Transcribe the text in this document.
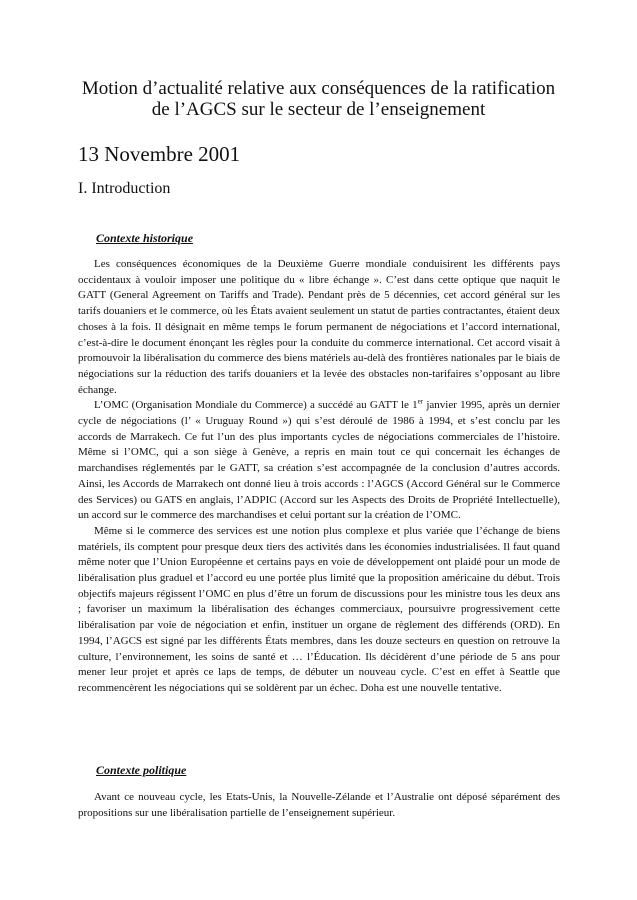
Motion d’actualité relative aux conséquences de la ratification
de l’AGCS sur le secteur de l’enseignement
13 Novembre 2001
I. Introduction
Contexte historique

Les conséquences économiques de la Deuxième Guerre mondiale conduisirent les différents pays occidentaux à vouloir imposer une politique du « libre échange ». C’est dans cette optique que naquit le GATT (General Agreement on Tariffs and Trade). Pendant près de 5 décennies, cet accord général sur les tarifs douaniers et le commerce, où les États avaient seulement un statut de parties contractantes, étaient deux choses à la fois. Il désignait en même temps le forum permanent de négociations et l’accord international, c’est-à-dire le document énonçant les règles pour la conduite du commerce international. Cet accord visait à promouvoir la libéralisation du commerce des biens matériels au-delà des frontières nationales par le biais de négociations sur la réduction des tarifs douaniers et la levée des obstacles non-tarifaires s’opposant au libre échange.

L’OMC (Organisation Mondiale du Commerce) a succédé au GATT le 1er janvier 1995, après un dernier cycle de négociations (l’ « Uruguay Round ») qui s’est déroulé de 1986 à 1994, et s’est conclu par les accords de Marrakech. Ce fut l’un des plus importants cycles de négociations commerciales de l’histoire. Même si l’OMC, qui a son siège à Genève, a repris en main tout ce qui concernait les échanges de marchandises réglementés par le GATT, sa création s’est accompagnée de la conclusion d’autres accords. Ainsi, les Accords de Marrakech ont donné lieu à trois accords : l’AGCS (Accord Général sur le Commerce des Services) ou GATS en anglais, l’ADPIC (Accord sur les Aspects des Droits de Propriété Intellectuelle), un accord sur le commerce des marchandises et celui portant sur la création de l’OMC.

Même si le commerce des services est une notion plus complexe et plus variée que l’échange de biens matériels, ils comptent pour presque deux tiers des activités dans les économies industrialisées. Il faut quand même noter que l’Union Européenne et certains pays en voie de développement ont plaidé pour un mode de libéralisation plus graduel et l’accord eu une portée plus limité que la proposition américaine du début. Trois objectifs majeurs régissent l’OMC en plus d’être un forum de discussions pour les ministre tous les deux ans ; favoriser un maximum la libéralisation des échanges commerciaux, poursuivre progressivement cette libéralisation par voie de négociation et enfin, instituer un organe de règlement des différends (ORD). En 1994, l’AGCS est signé par les différents États membres, dans les douze secteurs en question on retrouve la culture, l’environnement, les soins de santé et … l’Éducation. Ils décidèrent d’une période de 5 ans pour mener leur projet et après ce laps de temps, de débuter un nouveau cycle. C’est en effet à Seattle que recommencèrent les négociations qui se soldèrent par un échec. Doha est une nouvelle tentative.

Contexte politique

Avant ce nouveau cycle, les Etats-Unis, la Nouvelle-Zélande et l’Australie ont déposé séparément des propositions sur une libéralisation partielle de l’enseignement supérieur.
